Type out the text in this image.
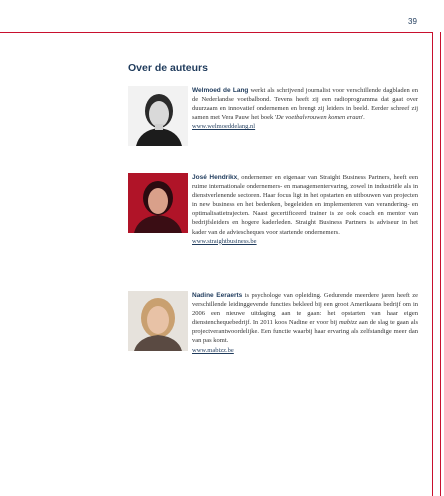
39
Over de auteurs
Welmoed de Lang werkt als schrijvend journalist voor verschillende dagbladen en de Nederlandse voetbalbond. Tevens heeft zij een radioprogramma dat gaat over duurzaam en innovatief ondernemen en brengt zij leiders in beeld. Eerder schreef zij samen met Vera Pauw het boek 'De voetbalvrouwen komen eraan'.
www.welmoeddelang.nl
José Hendrikx, ondernemer en eigenaar van Straight Business Partners, heeft een ruime internationale ondernemers- en managementervaring, zowel in industriële als in dienstverlenende sectoren. Haar focus ligt in het opstarten en uitbouwen van projecten in new business en het bedenken, begeleiden en implementeren van verandering- en optimalisatietrajecten. Naast gecertificeerd trainer is ze ook coach en mentor van bedrijfsleiders en hogere kaderleden. Straight Business Partners is adviseur in het kader van de adviescheques voor startende ondernemers.
www.straightbusiness.be
Nadine Eeraerts is psychologe van opleiding. Gedurende meerdere jaren heeft ze verschillende leidinggevende functies bekleed bij een groot Amerikaans bedrijf om in 2006 een nieuwe uitdaging aan te gaan: het opstarten van haar eigen dienstenchequebedrijf. In 2011 koos Nadine er voor bij mabizz aan de slag te gaan als projectverantwoordelijke. Een functie waarbij haar ervaring als zelfstandige meer dan van pas komt.
www.mabizz.be
